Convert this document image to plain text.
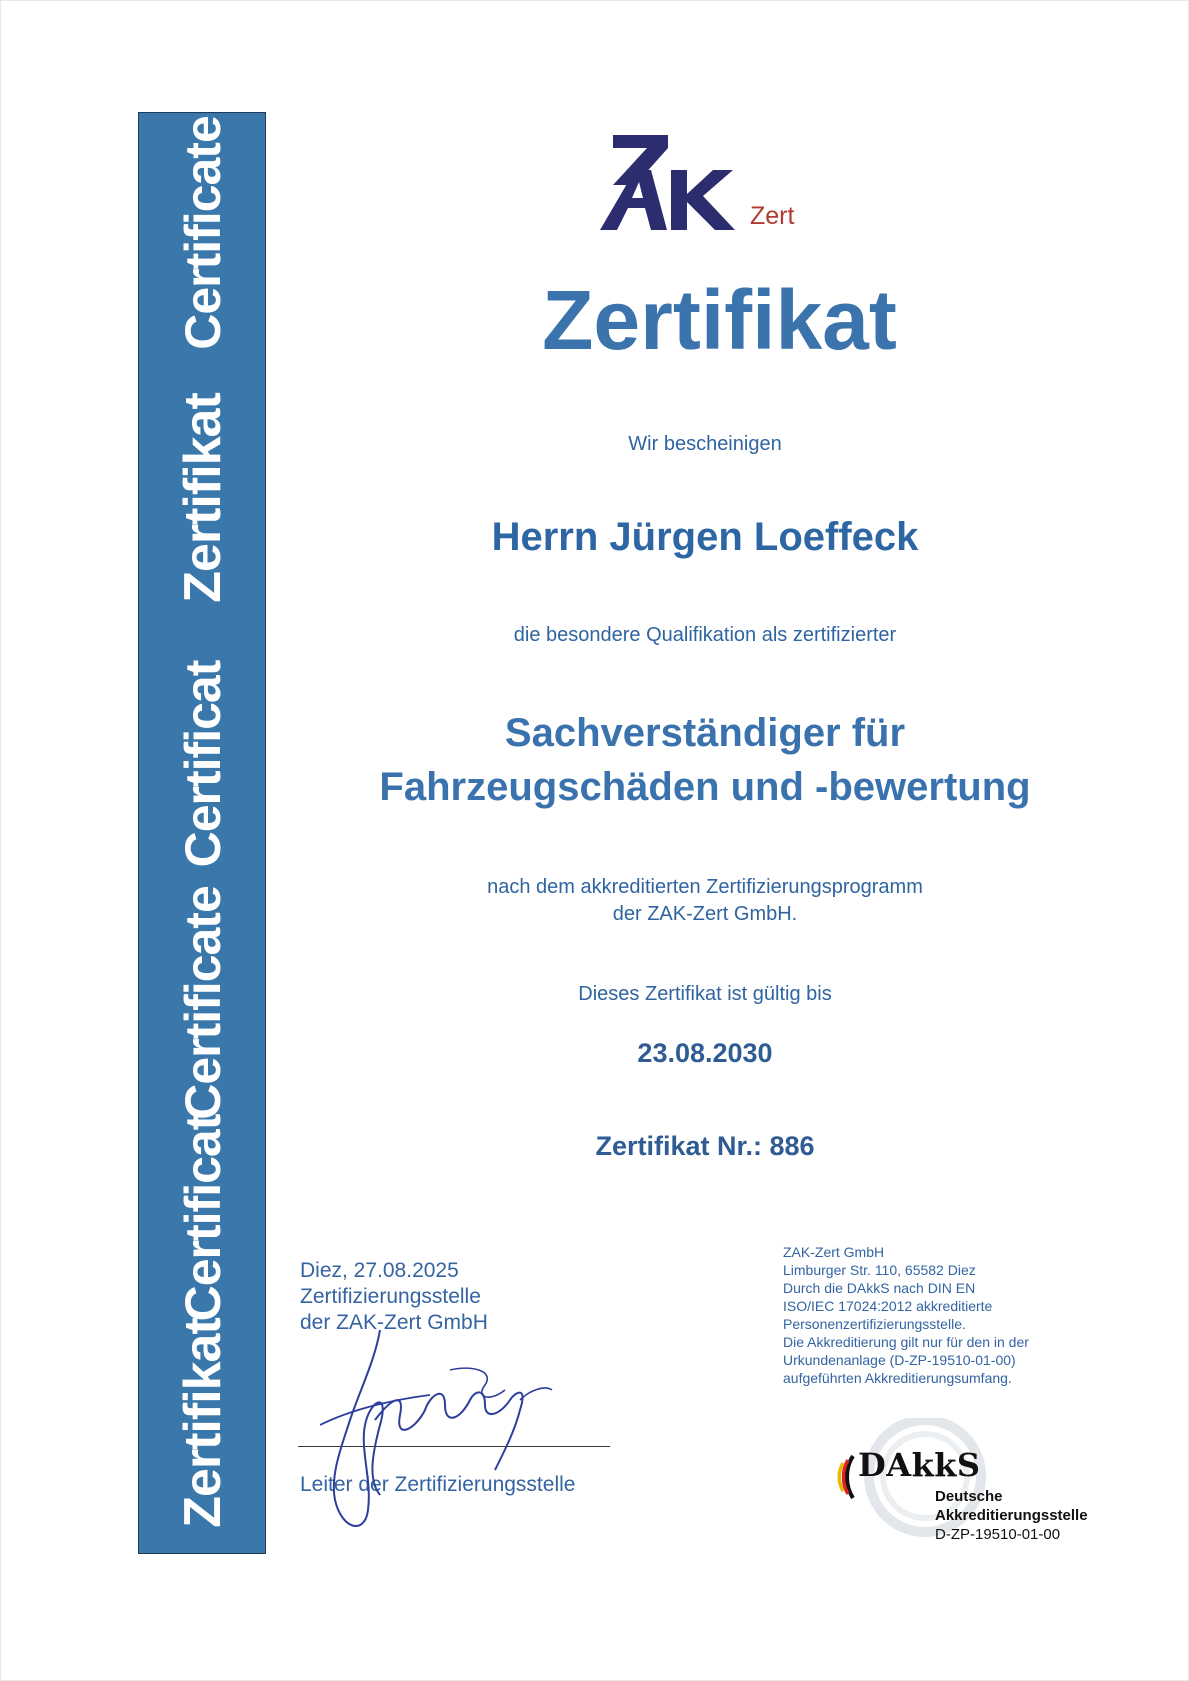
Certificate
Zertifikat
Certificat
Certificate
Certificat
Zertifikat
Zert
Zertifikat
Wir bescheinigen
Herrn Jürgen Loeffeck
die besondere Qualifikation als zertifizierter
Sachverständiger für
Fahrzeugschäden und -bewertung
nach dem akkreditierten Zertifizierungsprogramm
der ZAK-Zert GmbH.
Dieses Zertifikat ist gültig bis
23.08.2030
Zertifikat Nr.: 886
Diez, 27.08.2025
Zertifizierungsstelle
der ZAK-Zert GmbH
Leiter der Zertifizierungsstelle
ZAK-Zert GmbH
Limburger Str. 110, 65582 Diez
Durch die DAkkS nach DIN EN
ISO/IEC 17024:2012 akkreditierte
Personenzertifizierungsstelle.
Die Akkreditierung gilt nur für den in der
Urkundenanlage (D-ZP-19510-01-00)
aufgeführten Akkreditierungsumfang.
DAkkS
Deutsche
Akkreditierungsstelle
D-ZP-19510-01-00
